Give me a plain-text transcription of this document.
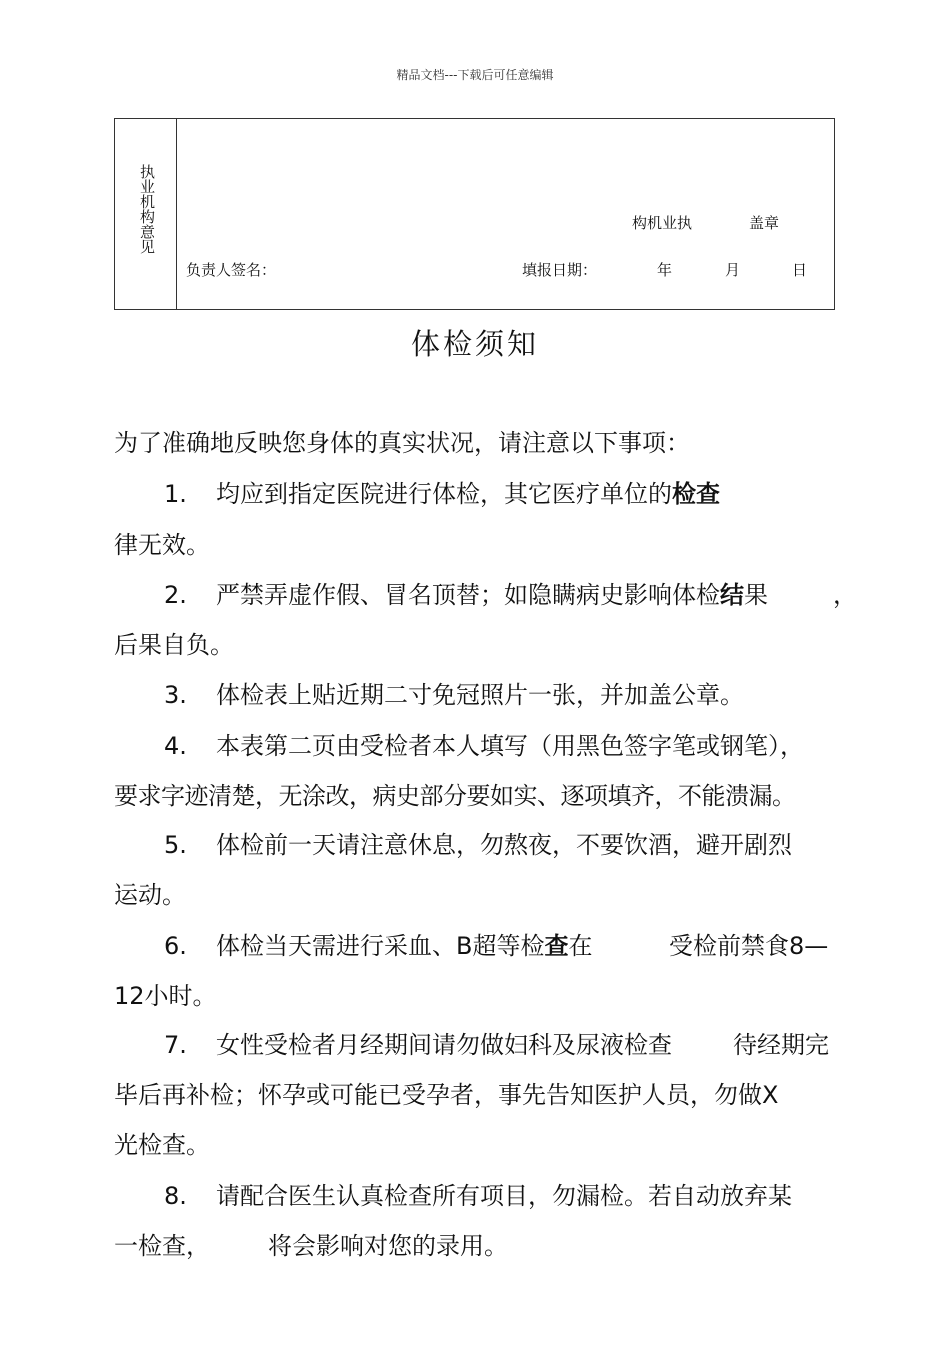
精品文档---下载后可任意编辑
执业机构意见	构机业执	盖章
负责人签名：	填报日期：	年	月	日
体检须知
为了准确地反映您身体的真实状况，请注意以下事项：
1. 均应到指定医院进行体检，其它医疗单位的检查
律无效。
2. 严禁弄虚作假、冒名顶替；如隐瞒病史影响体检结果	，
后果自负。
3. 体检表上贴近期二寸免冠照片一张，并加盖公章。
4. 本表第二页由受检者本人填写（用黑色签字笔或钢笔），
要求字迹清楚，无涂改，病史部分要如实、逐项填齐，不能溃漏。
5. 体检前一天请注意休息，勿熬夜，不要饮酒，避开剧烈
运动。
6. 体检当天需进行采血、B超等检查在	受检前禁食8—
12小时。
7. 女性受检者月经期间请勿做妇科及尿液检查	待经期完
毕后再补检；怀孕或可能已受孕者，事先告知医护人员，勿做X
光检查。
8. 请配合医生认真检查所有项目，勿漏检。若自动放弃某
一检查， 将会影响对您的录用。
